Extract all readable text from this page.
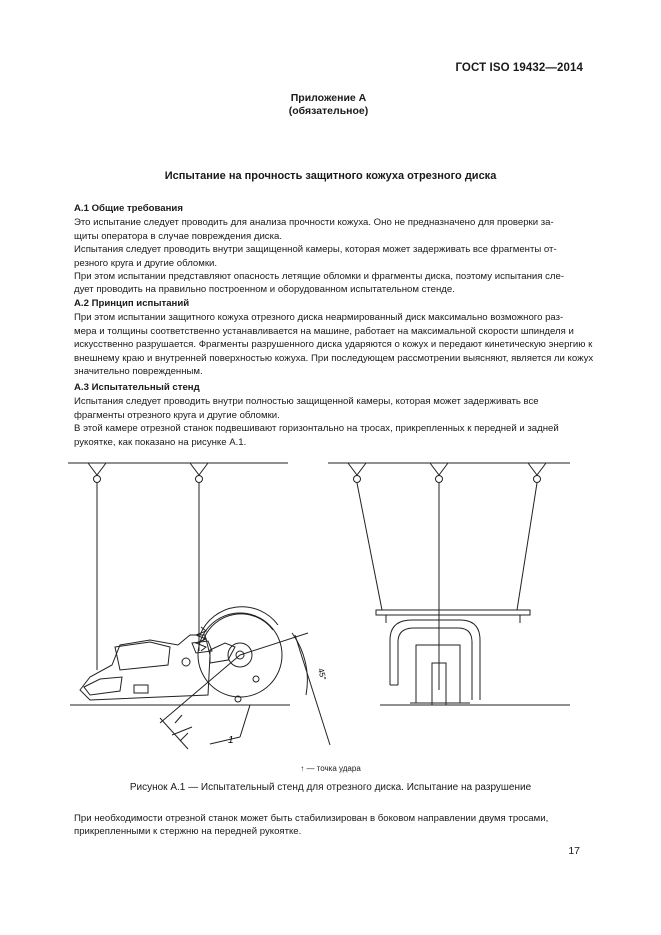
ГОСТ ISO 19432—2014
Приложение А
(обязательное)
Испытание на прочность защитного кожуха отрезного диска
А.1 Общие требования
Это испытание следует проводить для анализа прочности кожуха. Оно не предназначено для проверки за-
щиты оператора в случае повреждения диска.
Испытания следует проводить внутри защищенной камеры, которая может задерживать все фрагменты от-
резного круга и другие обломки.
При этом испытании представляют опасность летящие обломки и фрагменты диска, поэтому испытания сле-
дует проводить на правильно построенном и оборудованном испытательном стенде.
А.2 Принцип испытаний
При этом испытании защитного кожуха отрезного диска неармированный диск максимально возможного раз-
мера и толщины соответственно устанавливается на машине, работает на максимальной скорости шпинделя и
искусственно разрушается. Фрагменты разрушенного диска ударяются о кожух и передают кинетическую энергию к
внешнему краю и внутренней поверхностью кожуха. При последующем рассмотрении выясняют, является ли кожух
значительно поврежденным.
А.3 Испытательный стенд
Испытания следует проводить внутри полностью защищенной камеры, которая может задерживать все
фрагменты отрезного круга и другие обломки.
В этой камере отрезной станок подвешивают горизонтально на тросах, прикрепленных к передней и задней
рукоятке, как показано на рисунке А.1.
45°
1
↑ — точка удара
Рисунок А.1 — Испытательный стенд для отрезного диска. Испытание на разрушение
При необходимости отрезной станок может быть стабилизирован в боковом направлении двумя тросами,
прикрепленными к стержню на передней рукоятке.
17
